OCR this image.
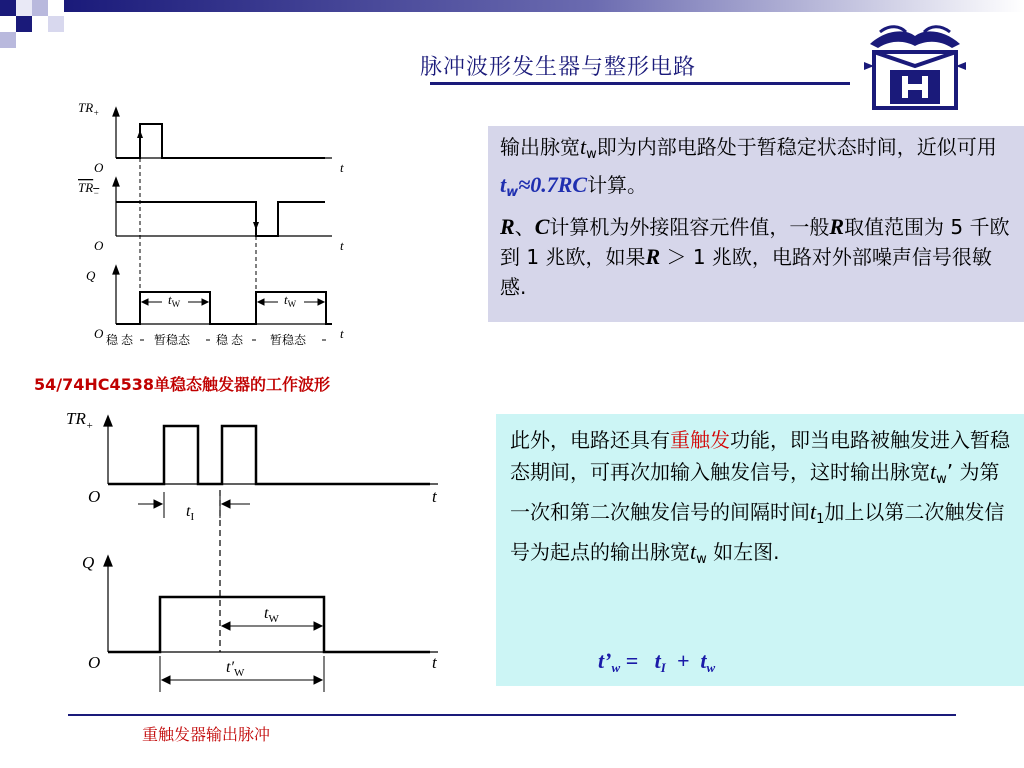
脉冲波形发生器与整形电路
$TR_+$
$TR_-$
Q
O
O
O
t
t
t
$t_W$	$t_W$
稳 态 暂稳态 稳 态 暂稳态
54/74HC4538单稳态触发器的工作波形
$TR_+$
Q
O
O
t
t
$t_I$
$t_W$
$t'_W$

输出脉宽$t_w$即为内部电路处于暂稳定状态时间，近似可用$t_w\approx 0.7RC$计算。

R、C计算机为外接阻容元件值，一般R取值范围为 5 千欧到 1 兆欧，如果R ＞ 1 兆欧，电路对外部噪声信号很敏感.

此外，电路还具有重触发功能，即当电路被触发进入暂稳态期间，可再次加输入触发信号，这时输出脉宽$t_w$’ 为第一次和第二次触发信号的间隔时间$t_1$加上以第二次触发信号为起点的输出脉宽$t_w$ 如左图.

$t’_w = t_I + t_w$
重触发器输出脉冲
